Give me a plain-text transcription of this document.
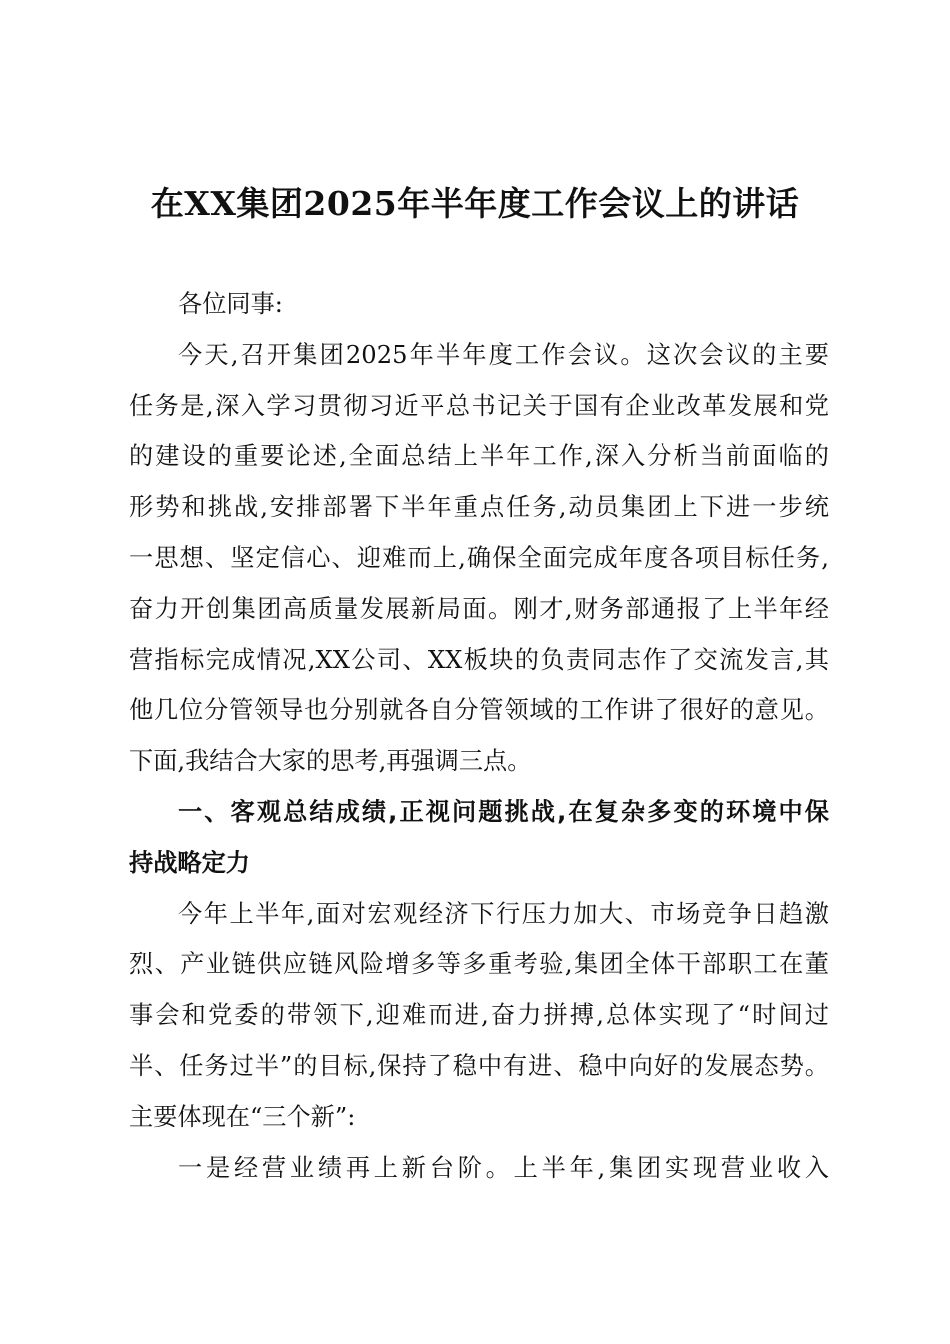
在XX集团2025年半年度工作会议上的讲话
各位同事:
今天,召开集团2025年半年度工作会议。这次会议的主要
任务是,深入学习贯彻习近平总书记关于国有企业改革发展和党
的建设的重要论述,全面总结上半年工作,深入分析当前面临的
形势和挑战,安排部署下半年重点任务,动员集团上下进一步统
一思想、坚定信心、迎难而上,确保全面完成年度各项目标任务,
奋力开创集团高质量发展新局面。刚才,财务部通报了上半年经
营指标完成情况,XX公司、XX板块的负责同志作了交流发言,其
他几位分管领导也分别就各自分管领域的工作讲了很好的意见。
下面,我结合大家的思考,再强调三点。
一、客观总结成绩,正视问题挑战,在复杂多变的环境中保
持战略定力
今年上半年,面对宏观经济下行压力加大、市场竞争日趋激
烈、产业链供应链风险增多等多重考验,集团全体干部职工在董
事会和党委的带领下,迎难而进,奋力拼搏,总体实现了“时间过
半、任务过半”的目标,保持了稳中有进、稳中向好的发展态势。
主要体现在“三个新”:
一是经营业绩再上新台阶。上半年,集团实现营业收入
